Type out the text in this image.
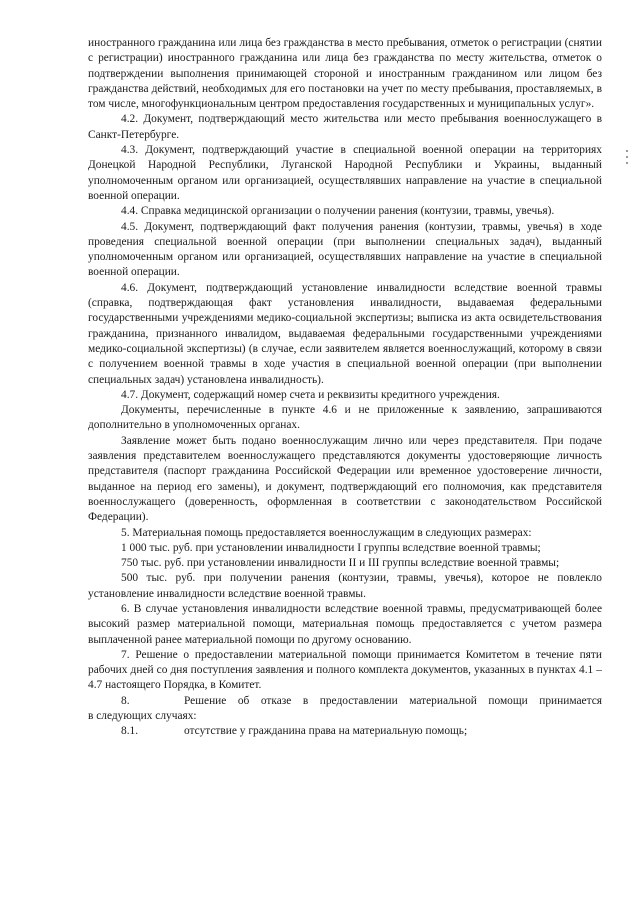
иностранного гражданина или лица без гражданства в место пребывания, отметок о регистрации (снятии с регистрации) иностранного гражданина или лица без гражданства по месту жительства, отметок о подтверждении выполнения принимающей стороной и иностранным гражданином или лицом без гражданства действий, необходимых для его постановки на учет по месту пребывания, проставляемых, в том числе, многофункциональным центром предоставления государственных и муниципальных услуг».

4.2. Документ, подтверждающий место жительства или место пребывания военнослужащего в Санкт-Петербурге.

4.3. Документ, подтверждающий участие в специальной военной операции на территориях Донецкой Народной Республики, Луганской Народной Республики и Украины, выданный уполномоченным органом или организацией, осуществлявших направление на участие в специальной военной операции.

4.4. Справка медицинской организации о получении ранения (контузии, травмы, увечья).

4.5. Документ, подтверждающий факт получения ранения (контузии, травмы, увечья) в ходе проведения специальной военной операции (при выполнении специальных задач), выданный уполномоченным органом или организацией, осуществлявших направление на участие в специальной военной операции.

4.6. Документ, подтверждающий установление инвалидности вследствие военной травмы (справка, подтверждающая факт установления инвалидности, выдаваемая федеральными государственными учреждениями медико-социальной экспертизы; выписка из акта освидетельствования гражданина, признанного инвалидом, выдаваемая федеральными государственными учреждениями медико-социальной экспертизы) (в случае, если заявителем является военнослужащий, которому в связи с получением военной травмы в ходе участия в специальной военной операции (при выполнении специальных задач) установлена инвалидность).

4.7. Документ, содержащий номер счета и реквизиты кредитного учреждения.

Документы, перечисленные в пункте 4.6 и не приложенные к заявлению, запрашиваются дополнительно в уполномоченных органах.

Заявление может быть подано военнослужащим лично или через представителя. При подаче заявления представителем военнослужащего представляются документы удостоверяющие личность представителя (паспорт гражданина Российской Федерации или временное удостоверение личности, выданное на период его замены), и документ, подтверждающий его полномочия, как представителя военнослужащего (доверенность, оформленная в соответствии с законодательством Российской Федерации).

5. Материальная помощь предоставляется военнослужащим в следующих размерах:

1 000 тыс. руб. при установлении инвалидности I группы вследствие военной травмы;

750 тыс. руб. при установлении инвалидности II и III группы вследствие военной травмы;

500 тыс. руб. при получении ранения (контузии, травмы, увечья), которое не повлекло установление инвалидности вследствие военной травмы.

6. В случае установления инвалидности вследствие военной травмы, предусматривающей более высокий размер материальной помощи, материальная помощь предоставляется с учетом размера выплаченной ранее материальной помощи по другому основанию.

7. Решение о предоставлении материальной помощи принимается Комитетом в течение пяти рабочих дней со дня поступления заявления и полного комплекта документов, указанных в пунктах 4.1 – 4.7 настоящего Порядка, в Комитет.

8.	Решение об отказе в предоставлении материальной помощи принимается
в следующих случаях:
8.1.	отсутствие у гражданина права на материальную помощь;
